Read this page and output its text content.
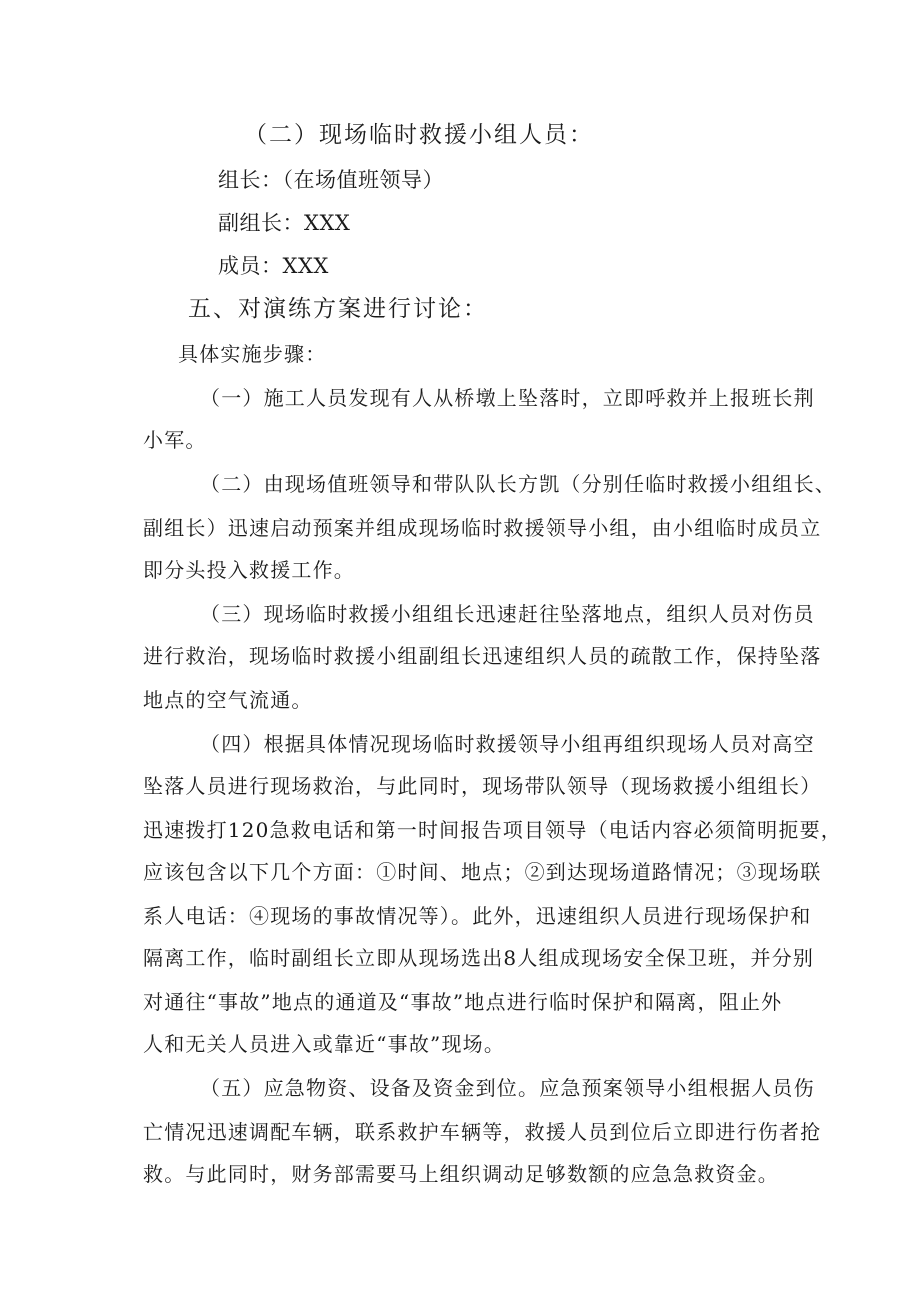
（二）现场临时救援小组人员：
组长：（在场值班领导）
副组长：XXX
成员：XXX
五、对演练方案进行讨论：
具体实施步骤：
（一）施工人员发现有人从桥墩上坠落时，立即呼救并上报班长荆
小军。
（二）由现场值班领导和带队队长方凯（分别任临时救援小组组长、
副组长）迅速启动预案并组成现场临时救援领导小组，由小组临时成员立
即分头投入救援工作。
（三）现场临时救援小组组长迅速赶往坠落地点，组织人员对伤员
进行救治，现场临时救援小组副组长迅速组织人员的疏散工作，保持坠落
地点的空气流通。
（四）根据具体情况现场临时救援领导小组再组织现场人员对高空
坠落人员进行现场救治，与此同时，现场带队领导（现场救援小组组长）
迅速拨打120急救电话和第一时间报告项目领导（电话内容必须简明扼要，
应该包含以下几个方面：①时间、地点；②到达现场道路情况；③现场联
系人电话：④现场的事故情况等）。此外，迅速组织人员进行现场保护和
隔离工作，临时副组长立即从现场选出8人组成现场安全保卫班，并分别
对通往“事故”地点的通道及“事故”地点进行临时保护和隔离，阻止外
人和无关人员进入或靠近“事故”现场。
（五）应急物资、设备及资金到位。应急预案领导小组根据人员伤
亡情况迅速调配车辆，联系救护车辆等，救援人员到位后立即进行伤者抢
救。与此同时，财务部需要马上组织调动足够数额的应急急救资金。
